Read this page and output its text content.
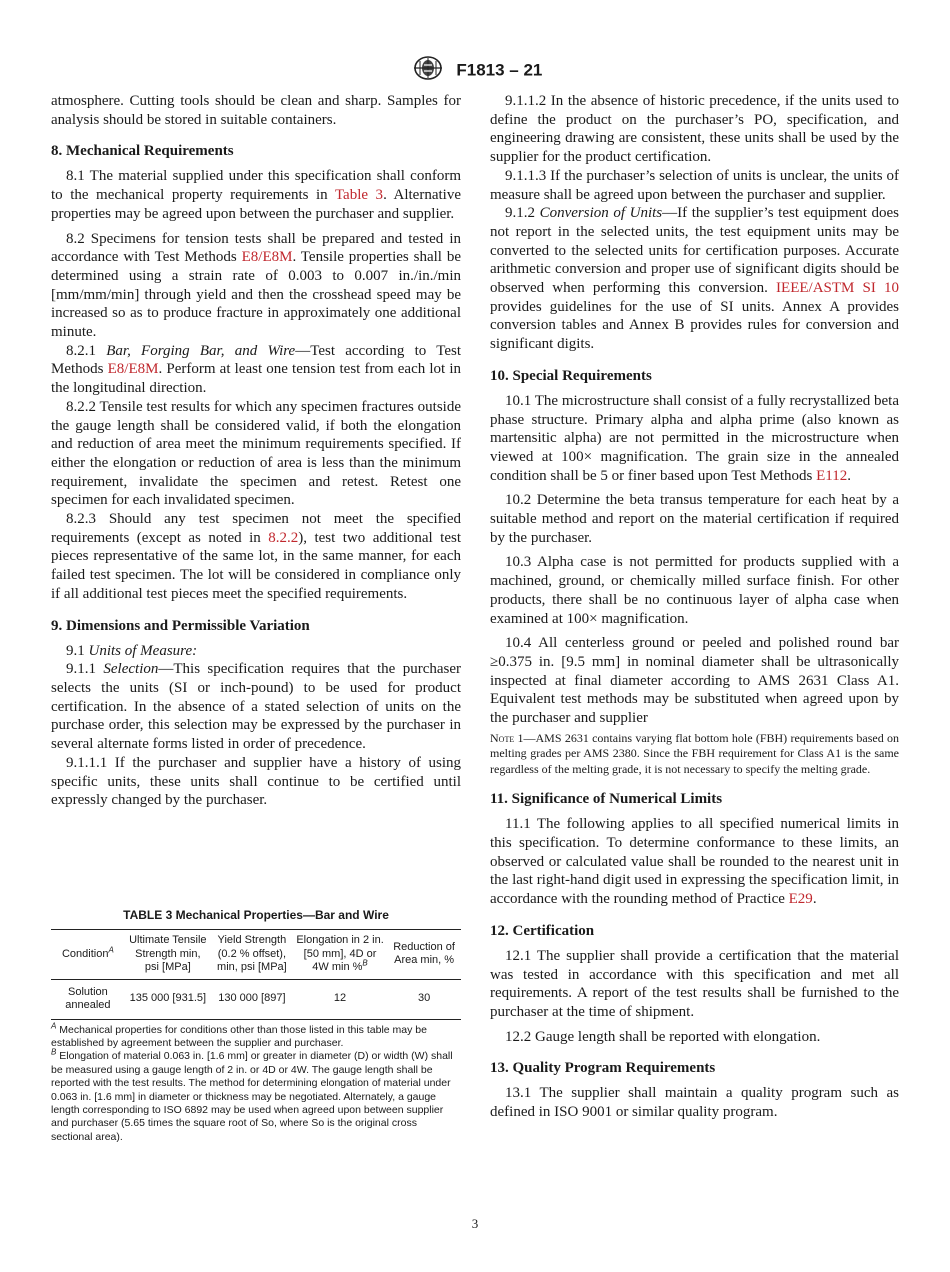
F1813 – 21

atmosphere. Cutting tools should be clean and sharp. Samples for analysis should be stored in suitable containers.

8. Mechanical Requirements

8.1 The material supplied under this specification shall conform to the mechanical property requirements in Table 3. Alternative properties may be agreed upon between the purchaser and supplier.

8.2 Specimens for tension tests shall be prepared and tested in accordance with Test Methods E8/E8M. Tensile properties shall be determined using a strain rate of 0.003 to 0.007 in./in./min [mm/mm/min] through yield and then the crosshead speed may be increased so as to produce fracture in approximately one additional minute.

8.2.1 Bar, Forging Bar, and Wire—Test according to Test Methods E8/E8M. Perform at least one tension test from each lot in the longitudinal direction.

8.2.2 Tensile test results for which any specimen fractures outside the gauge length shall be considered valid, if both the elongation and reduction of area meet the minimum requirements specified. If either the elongation or reduction of area is less than the minimum requirement, invalidate the specimen and retest. Retest one specimen for each invalidated specimen.

8.2.3 Should any test specimen not meet the specified requirements (except as noted in 8.2.2), test two additional test pieces representative of the same lot, in the same manner, for each failed test specimen. The lot will be considered in compliance only if all additional test pieces meet the specified requirements.

9. Dimensions and Permissible Variation

9.1 Units of Measure:

9.1.1 Selection—This specification requires that the purchaser selects the units (SI or inch-pound) to be used for product certification. In the absence of a stated selection of units on the purchase order, this selection may be expressed by the purchaser in several alternate forms listed in order of precedence.

9.1.1.1 If the purchaser and supplier have a history of using specific units, these units shall continue to be certified until expressly changed by the purchaser.

TABLE 3 Mechanical Properties—Bar and Wire
Condition$^A$	Ultimate Tensile Strength min, psi [MPa]	Yield Strength (0.2 % offset), min, psi [MPa]	Elongation in 2 in. [50 mm], 4D or 4W min %$^B$	Reduction of Area min, %
Solution annealed	135 000 [931.5]	130 000 [897]	12	30

$^A$ Mechanical properties for conditions other than those listed in this table may be established by agreement between the supplier and purchaser.

$^B$ Elongation of material 0.063 in. [1.6 mm] or greater in diameter (D) or width (W) shall be measured using a gauge length of 2 in. or 4D or 4W. The gauge length shall be reported with the test results. The method for determining elongation of material under 0.063 in. [1.6 mm] in diameter or thickness may be negotiated. Alternately, a gauge length corresponding to ISO 6892 may be used when agreed upon between supplier and purchaser (5.65 times the square root of So, where So is the original cross sectional area).

9.1.1.2 In the absence of historic precedence, if the units used to define the product on the purchaser’s PO, specification, and engineering drawing are consistent, these units shall be used by the supplier for the product certification.

9.1.1.3 If the purchaser’s selection of units is unclear, the units of measure shall be agreed upon between the purchaser and supplier.

9.1.2 Conversion of Units—If the supplier’s test equipment does not report in the selected units, the test equipment units may be converted to the selected units for certification purposes. Accurate arithmetic conversion and proper use of significant digits should be observed when performing this conversion. IEEE/ASTM SI 10 provides guidelines for the use of SI units. Annex A provides conversion tables and Annex B provides rules for conversion and significant digits.

10. Special Requirements

10.1 The microstructure shall consist of a fully recrystallized beta phase structure. Primary alpha and alpha prime (also known as martensitic alpha) are not permitted in the microstructure when viewed at 100× magnification. The grain size in the annealed condition shall be 5 or finer based upon Test Methods E112.

10.2 Determine the beta transus temperature for each heat by a suitable method and report on the material certification if required by the purchaser.

10.3 Alpha case is not permitted for products supplied with a machined, ground, or chemically milled surface finish. For other products, there shall be no continuous layer of alpha case when examined at 100× magnification.

10.4 All centerless ground or peeled and polished round bar ≥0.375 in. [9.5 mm] in nominal diameter shall be ultrasonically inspected at final diameter according to AMS 2631 Class A1. Equivalent test methods may be substituted when agreed upon by the purchaser and supplier

Note 1—AMS 2631 contains varying flat bottom hole (FBH) requirements based on melting grades per AMS 2380. Since the FBH requirement for Class A1 is the same regardless of the melting grade, it is not necessary to specify the melting grade.

11. Significance of Numerical Limits

11.1 The following applies to all specified numerical limits in this specification. To determine conformance to these limits, an observed or calculated value shall be rounded to the nearest unit in the last right-hand digit used in expressing the specification limit, in accordance with the rounding method of Practice E29.

12. Certification

12.1 The supplier shall provide a certification that the material was tested in accordance with this specification and met all requirements. A report of the test results shall be furnished to the purchaser at the time of shipment.

12.2 Gauge length shall be reported with elongation.

13. Quality Program Requirements

13.1 The supplier shall maintain a quality program such as defined in ISO 9001 or similar quality program.

3
